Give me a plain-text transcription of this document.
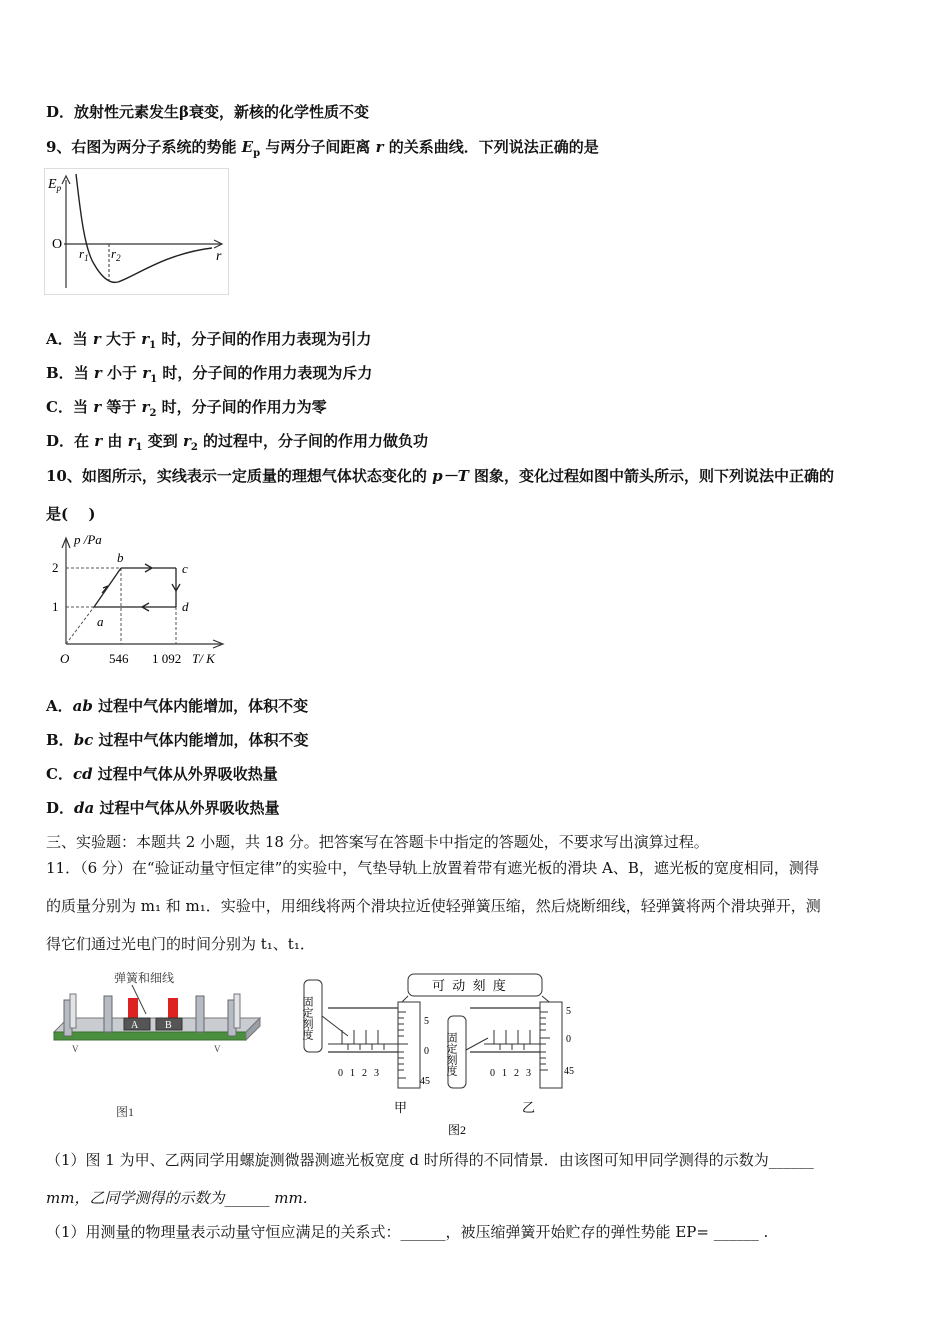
D．放射性元素发生β衰变，新核的化学性质不变
9、右图为两分子系统的势能 $E_p$ 与两分子间距离 r 的关系曲线．下列说法正确的是
$E_p$
O
r
$r_1$ $r_2$
A．当 r 大于 $r_1$ 时，分子间的作用力表现为引力
B．当 r 小于 $r_1$ 时，分子间的作用力表现为斥力
C．当 r 等于 $r_2$ 时，分子间的作用力为零
D．在 r 由 $r_1$ 变到 $r_2$ 的过程中，分子间的作用力做负功
10、如图所示，实线表示一定质量的理想气体状态变化的 p－T 图象，变化过程如图中箭头所示，则下列说法中正确的
是(　 )
p /Pa
2
1
O	546 1 092 T/ K
a
b
c
d
A．ab 过程中气体内能增加，体积不变
B．bc 过程中气体内能增加，体积不变
C．cd 过程中气体从外界吸收热量
D．da 过程中气体从外界吸收热量
三、实验题：本题共 2 小题，共 18 分。把答案写在答题卡中指定的答题处，不要求写出演算过程。
11．（6 分）在“验证动量守恒定律”的实验中，气垫导轨上放置着带有遮光板的滑块 A、B，遮光板的宽度相同，测得
的质量分别为 m₁ 和 m₁．实验中，用细线将两个滑块拉近使轻弹簧压缩，然后烧断细线，轻弹簧将两个滑块弹开，测
得它们通过光电门的时间分别为 t₁、t₁．
弹簧和细线
A	B
V	V
图1
可 动 刻 度
固定刻度
0 1 2 3
5
0
45
甲
固定刻度	0 1 2 3
5
0
45
乙
图2
（1）图 1 为甲、乙两同学用螺旋测微器测遮光板宽度 d 时所得的不同情景．由该图可知甲同学测得的示数为______
mm，乙同学测得的示数为______ mm．
（1）用测量的物理量表示动量守恒应满足的关系式：______，被压缩弹簧开始贮存的弹性势能 EP= ______ .
